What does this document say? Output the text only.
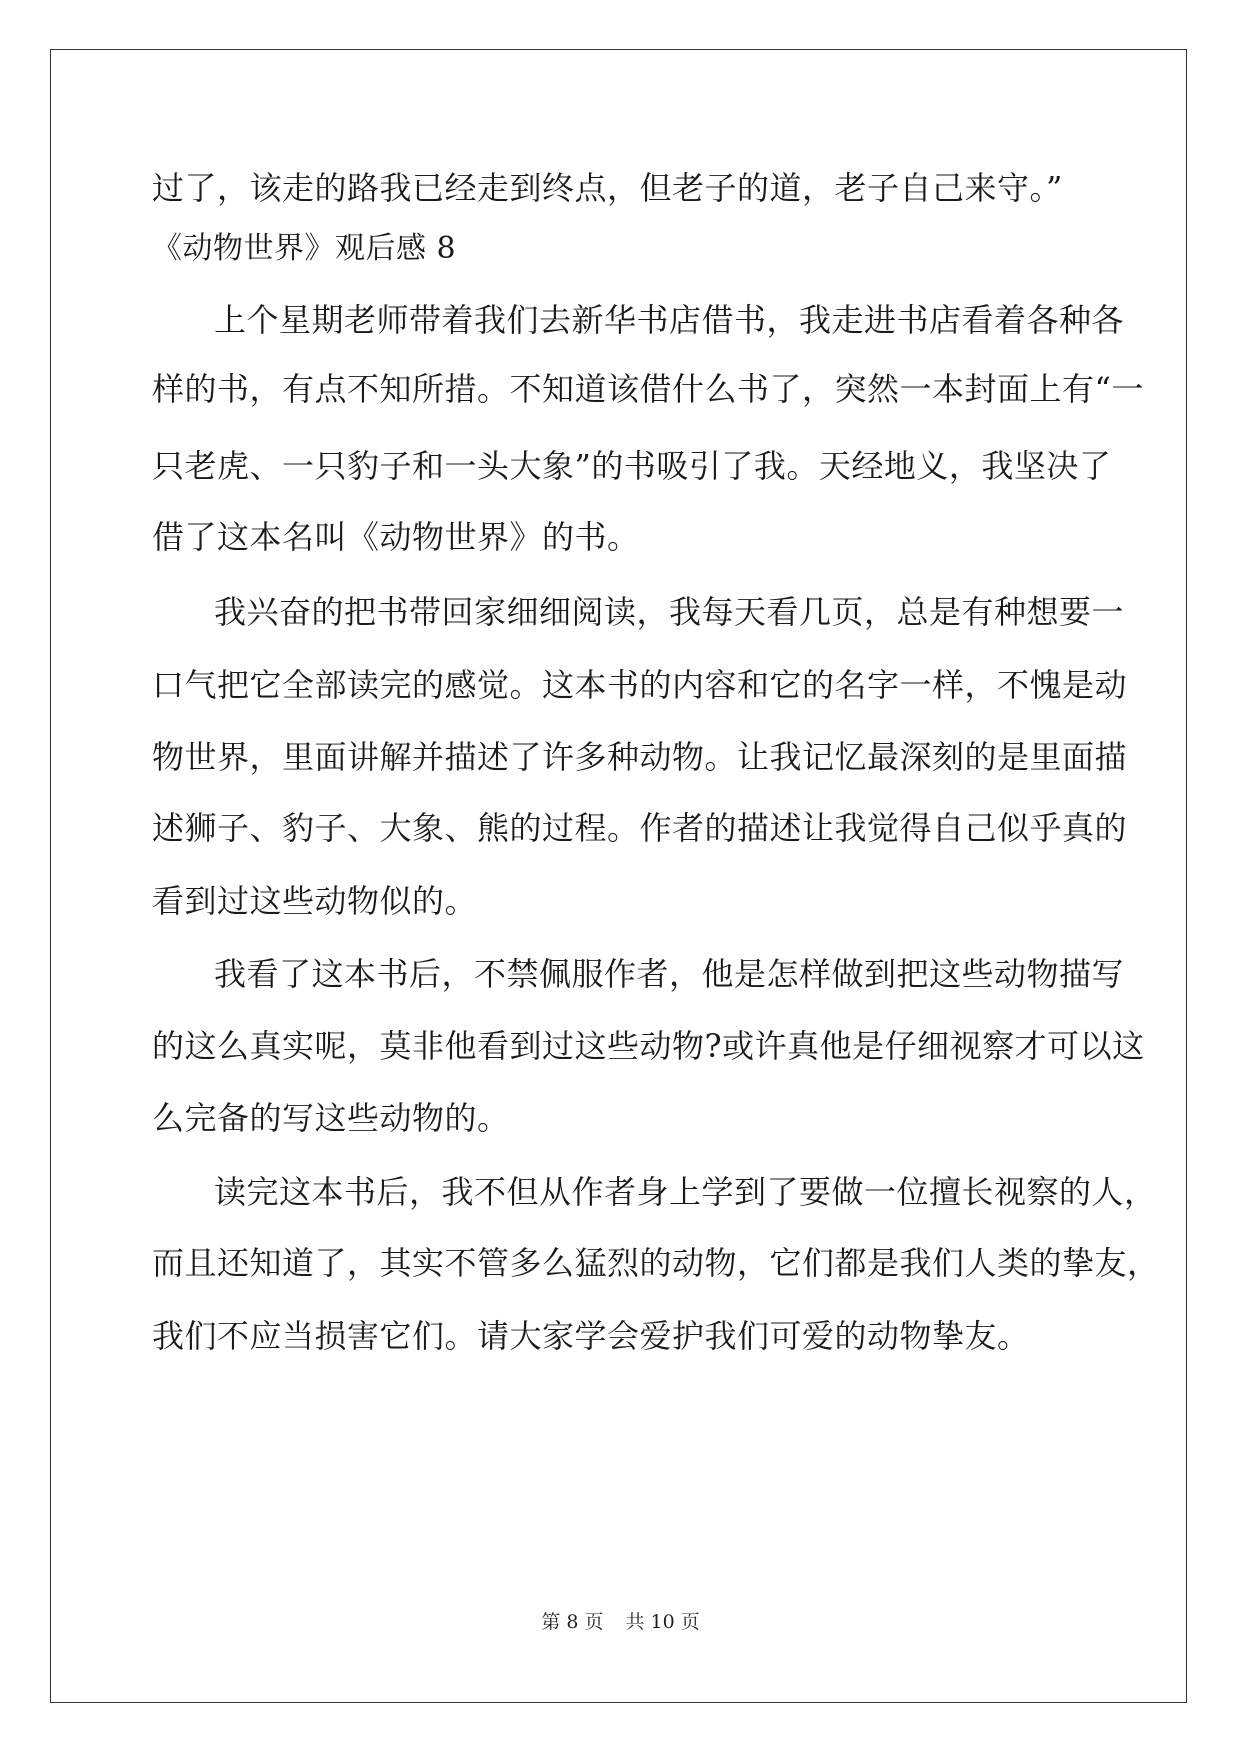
过了，该走的路我已经走到终点，但老子的道，老子自己来守。”
《动物世界》观后感 8
上个星期老师带着我们去新华书店借书，我走进书店看着各种各
样的书，有点不知所措。不知道该借什么书了，突然一本封面上有“一
只老虎、一只豹子和一头大象”的书吸引了我。天经地义，我坚决了
借了这本名叫《动物世界》的书。
我兴奋的把书带回家细细阅读，我每天看几页，总是有种想要一
口气把它全部读完的感觉。这本书的内容和它的名字一样，不愧是动
物世界，里面讲解并描述了许多种动物。让我记忆最深刻的是里面描
述狮子、豹子、大象、熊的过程。作者的描述让我觉得自己似乎真的
看到过这些动物似的。
我看了这本书后，不禁佩服作者，他是怎样做到把这些动物描写
的这么真实呢，莫非他看到过这些动物?或许真他是仔细视察才可以这
么完备的写这些动物的。
读完这本书后，我不但从作者身上学到了要做一位擅长视察的人，
而且还知道了，其实不管多么猛烈的动物，它们都是我们人类的挚友，
我们不应当损害它们。请大家学会爱护我们可爱的动物挚友。
第 8 页 共 10 页
